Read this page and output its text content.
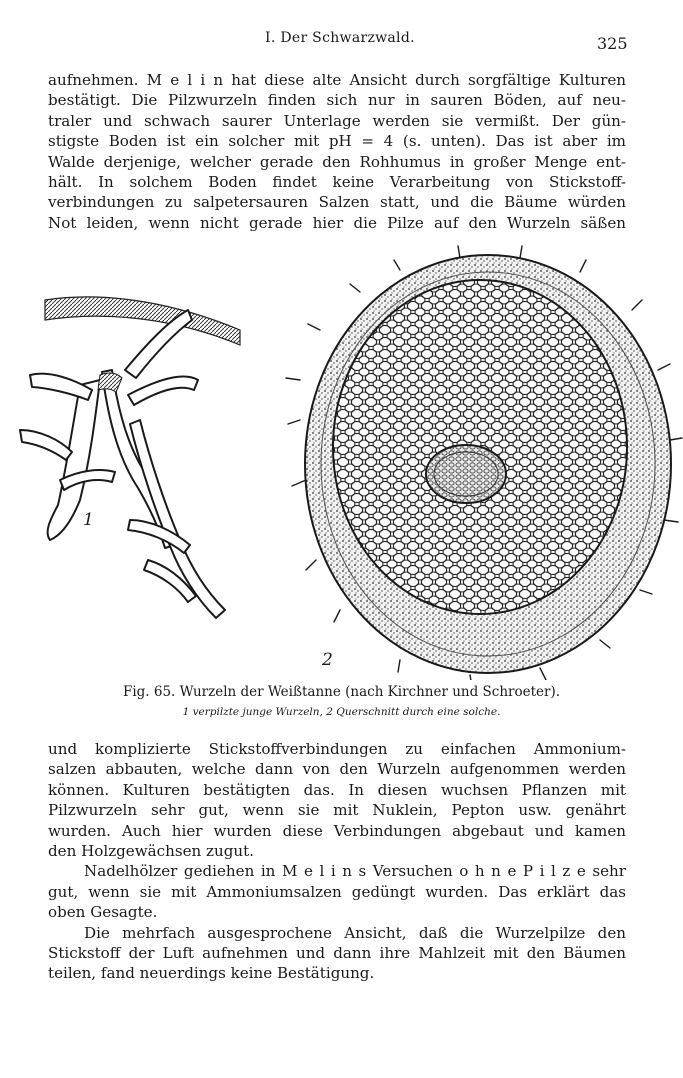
I. Der Schwarzwald.	325
aufnehmen. M e l i n hat diese alte Ansicht durch sorgfältige Kulturen
bestätigt. Die Pilzwurzeln finden sich nur in sauren Böden, auf neu-
traler und schwach saurer Unterlage werden sie vermißt. Der gün-
stigste Boden ist ein solcher mit pH = 4 (s. unten). Das ist aber im
Walde derjenige, welcher gerade den Rohhumus in großer Menge ent-
hält. In solchem Boden findet keine Verarbeitung von Stickstoff-
verbindungen zu salpetersauren Salzen statt, und die Bäume würden
Not leiden, wenn nicht gerade hier die Pilze auf den Wurzeln säßen
1
2
Fig. 65. Wurzeln der Weißtanne (nach Kirchner und Schroeter).
1 verpilzte junge Wurzeln, 2 Querschnitt durch eine solche.
und komplizierte Stickstoffverbindungen zu einfachen Ammonium-
salzen abbauten, welche dann von den Wurzeln aufgenommen werden
können. Kulturen bestätigten das. In diesen wuchsen Pflanzen mit
Pilzwurzeln sehr gut, wenn sie mit Nuklein, Pepton usw. genährt
wurden. Auch hier wurden diese Verbindungen abgebaut und kamen
den Holzgewächsen zugut.
Nadelhölzer gediehen in M e l i n s Versuchen o h n e P i l z e sehr
gut, wenn sie mit Ammoniumsalzen gedüngt wurden. Das erklärt das
oben Gesagte.
Die mehrfach ausgesprochene Ansicht, daß die Wurzelpilze den
Stickstoff der Luft aufnehmen und dann ihre Mahlzeit mit den Bäumen
teilen, fand neuerdings keine Bestätigung.
